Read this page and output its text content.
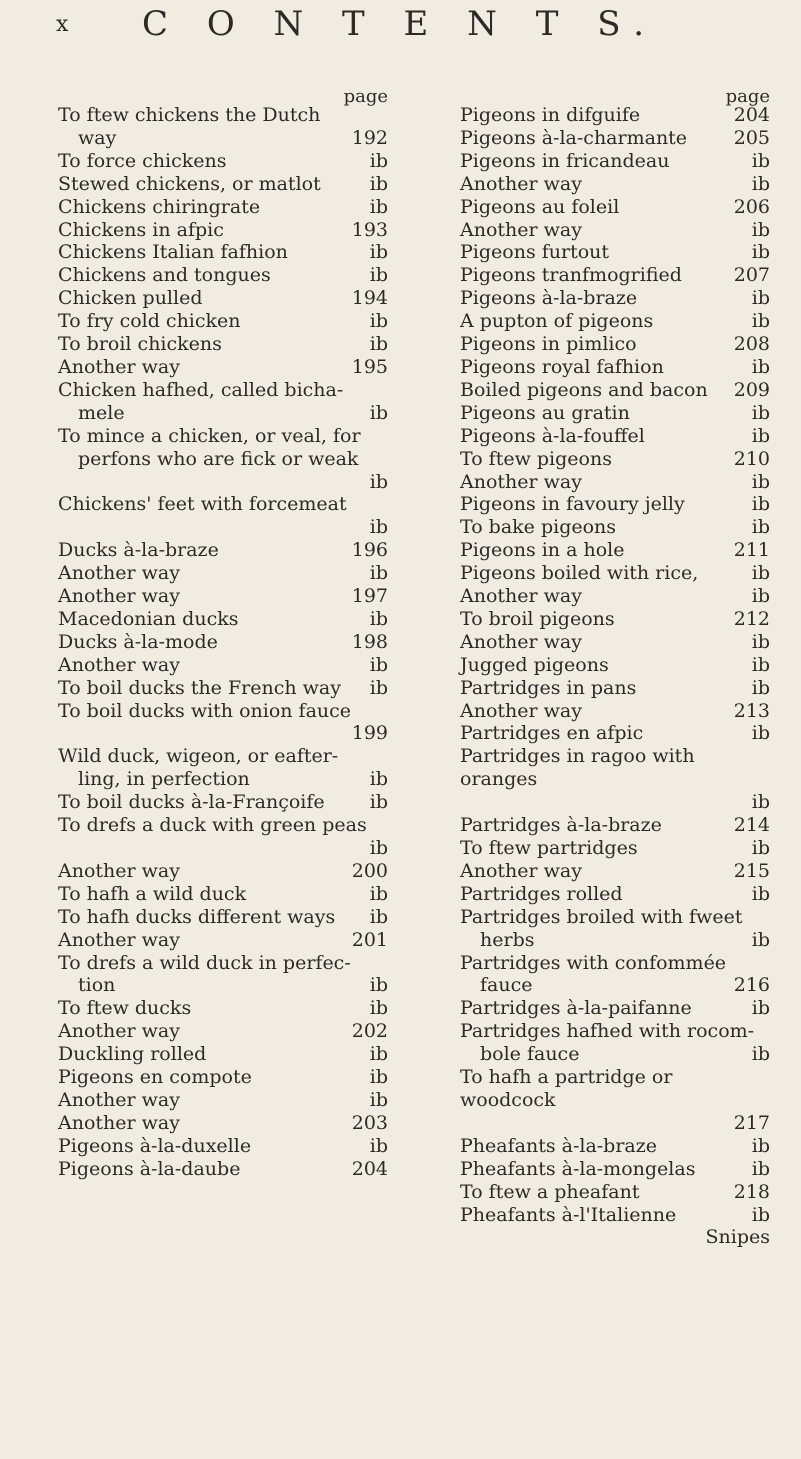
x C O N T E N T S.
page
To ftew chickens the Dutch
way	192
To force chickens	ib
Stewed chickens, or matlot	ib
Chickens chiringrate	ib
Chickens in afpic	193
Chickens Italian fafhion	ib
Chickens and tongues	ib
Chicken pulled	194
To fry cold chicken	ib
To broil chickens	ib
Another way	195
Chicken hafhed, called bicha-
mele	ib
To mince a chicken, or veal, for
perfons who are fick or weak
ib
Chickens' feet with forcemeat
ib
Ducks à-la-braze	196
Another way	ib
Another way	197
Macedonian ducks	ib
Ducks à-la-mode	198
Another way	ib
To boil ducks the French way	ib
To boil ducks with onion fauce
199
Wild duck, wigeon, or eafter-
ling, in perfection	ib
To boil ducks à-la-Françoife	ib
To drefs a duck with green peas
ib
Another way	200
To hafh a wild duck	ib
To hafh ducks different ways	ib
Another way	201
To drefs a wild duck in perfec-
tion	ib
To ftew ducks	ib
Another way	202
Duckling rolled	ib
Pigeons en compote	ib
Another way	ib
Another way	203
Pigeons à-la-duxelle	ib
Pigeons à-la-daube	204
page
Pigeons in difguife	204
Pigeons à-la-charmante	205
Pigeons in fricandeau	ib
Another way	ib
Pigeons au foleil	206
Another way	ib
Pigeons furtout	ib
Pigeons tranfmogrified	207
Pigeons à-la-braze	ib
A pupton of pigeons	ib
Pigeons in pimlico	208
Pigeons royal fafhion	ib
Boiled pigeons and bacon	209
Pigeons au gratin	ib
Pigeons à-la-fouffel	ib
To ftew pigeons	210
Another way	ib
Pigeons in favoury jelly	ib
To bake pigeons	ib
Pigeons in a hole	211
Pigeons boiled with rice,	ib
Another way	ib
To broil pigeons	212
Another way	ib
Jugged pigeons	ib
Partridges in pans	ib
Another way	213
Partridges en afpic	ib
Partridges in ragoo with oranges
ib
Partridges à-la-braze	214
To ftew partridges	ib
Another way	215
Partridges rolled	ib
Partridges broiled with fweet
herbs	ib
Partridges with confommée
fauce	216
Partridges à-la-paifanne	ib
Partridges hafhed with rocom-
bole fauce	ib
To hafh a partridge or woodcock
217
Pheafants à-la-braze	ib
Pheafants à-la-mongelas	ib
To ftew a pheafant	218
Pheafants à-l'Italienne	ib
Snipes
